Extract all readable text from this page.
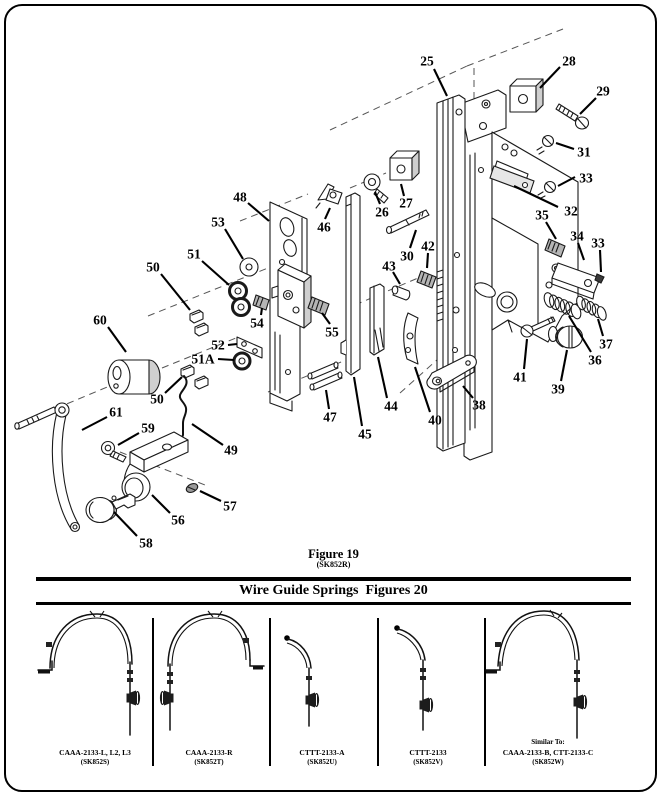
25	28
29
31
33
32
35
34 33
26
27
30
42
43
48
46
53
51
50
54
55
52
51A
50
60
61
59
49
57
56
58
47
44
45
40
38
41
39
36
37
Figure 19
(SK852R)
Wire Guide Springs  Figures 20
CAAA-2133-L, L2, L3
(SK852S)
CAAA-2133-R
(SK852T)
CTTT-2133-A
(SK852U)
CTTT-2133
(SK852V)
Similar To:
CAAA-2133-B, CTT-2133-C
(SK852W)
